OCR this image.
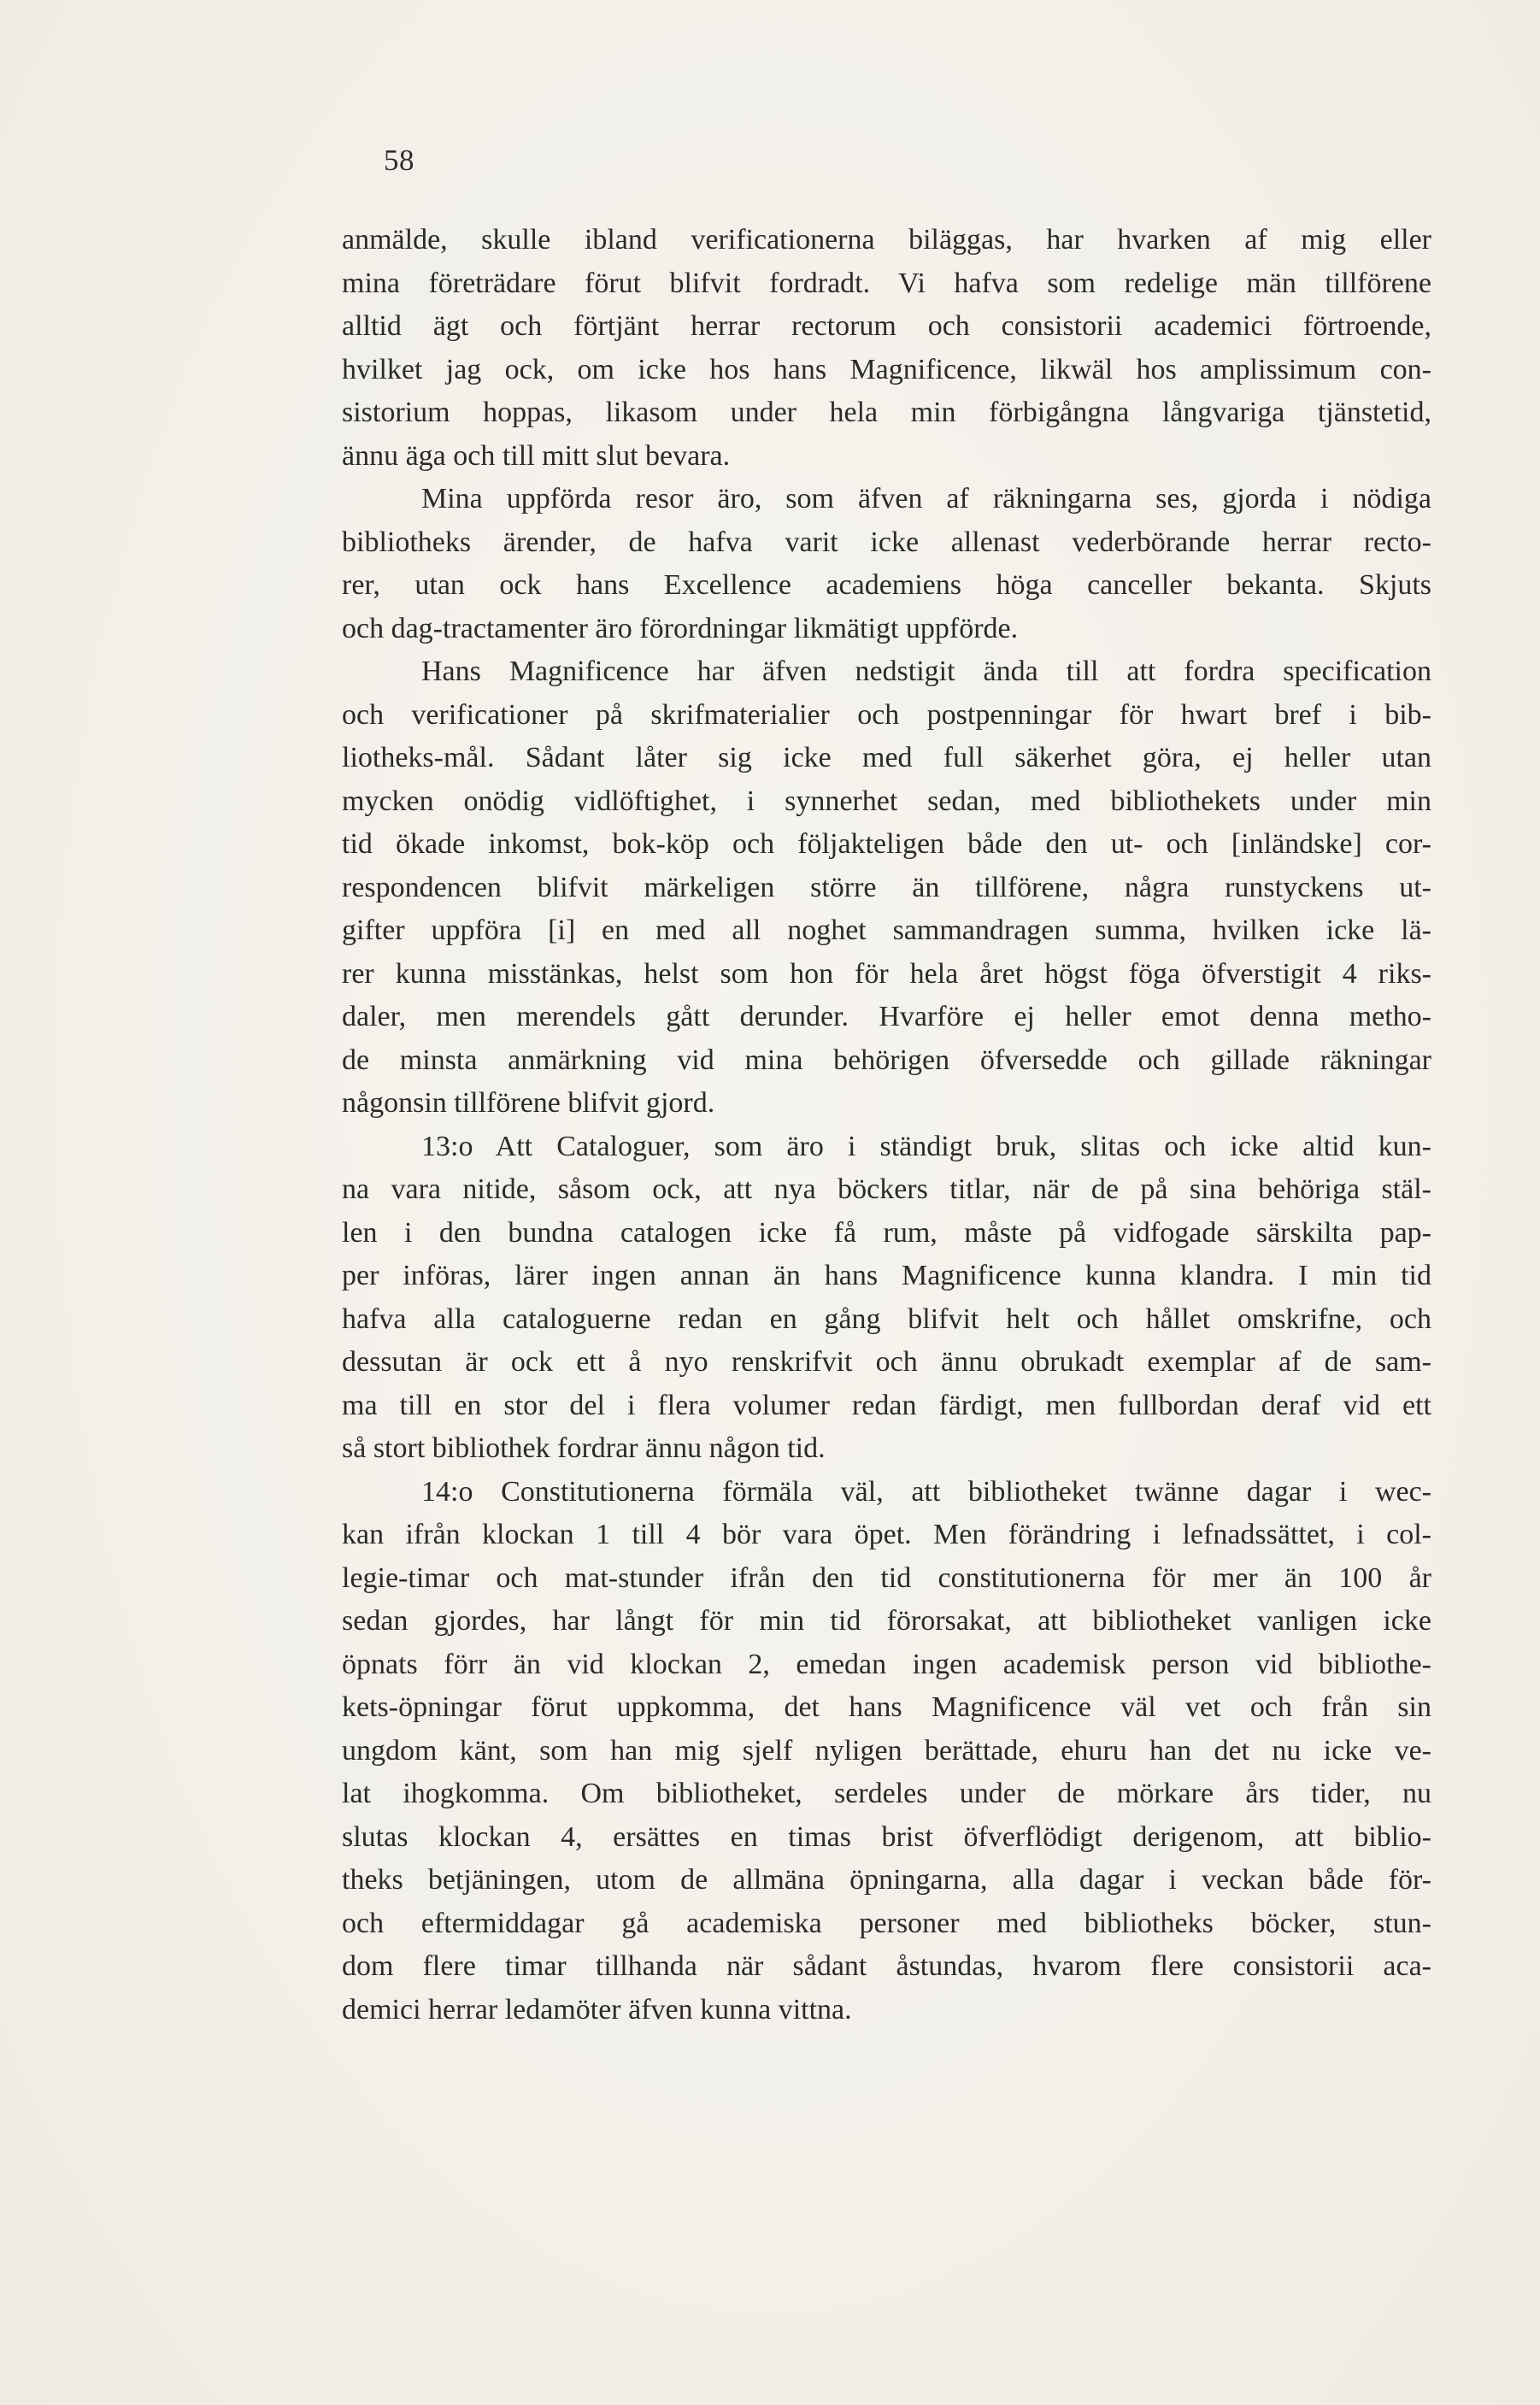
58
anmälde, skulle ibland verificationerna biläggas, har hvarken af mig eller
mina företrädare förut blifvit fordradt. Vi hafva som redelige män tillförene
alltid ägt och förtjänt herrar rectorum och consistorii academici förtroende,
hvilket jag ock, om icke hos hans Magnificence, likwäl hos amplissimum con-
sistorium hoppas, likasom under hela min förbigångna långvariga tjänstetid,
ännu äga och till mitt slut bevara.
Mina uppförda resor äro, som äfven af räkningarna ses, gjorda i nödiga
bibliotheks ärender, de hafva varit icke allenast vederbörande herrar recto-
rer, utan ock hans Excellence academiens höga canceller bekanta. Skjuts
och dag-tractamenter äro förordningar likmätigt uppförde.
Hans Magnificence har äfven nedstigit ända till att fordra specification
och verificationer på skrifmaterialier och postpenningar för hwart bref i bib-
liotheks-mål. Sådant låter sig icke med full säkerhet göra, ej heller utan
mycken onödig vidlöftighet, i synnerhet sedan, med bibliothekets under min
tid ökade inkomst, bok-köp och följakteligen både den ut- och [inländske] cor-
respondencen blifvit märkeligen större än tillförene, några runstyckens ut-
gifter uppföra [i] en med all noghet sammandragen summa, hvilken icke lä-
rer kunna misstänkas, helst som hon för hela året högst föga öfverstigit 4 riks-
daler, men merendels gått derunder. Hvarföre ej heller emot denna metho-
de minsta anmärkning vid mina behörigen öfversedde och gillade räkningar
någonsin tillförene blifvit gjord.
13:o Att Cataloguer, som äro i ständigt bruk, slitas och icke altid kun-
na vara nitide, såsom ock, att nya böckers titlar, när de på sina behöriga stäl-
len i den bundna catalogen icke få rum, måste på vidfogade särskilta pap-
per införas, lärer ingen annan än hans Magnificence kunna klandra. I min tid
hafva alla cataloguerne redan en gång blifvit helt och hållet omskrifne, och
dessutan är ock ett å nyo renskrifvit och ännu obrukadt exemplar af de sam-
ma till en stor del i flera volumer redan färdigt, men fullbordan deraf vid ett
så stort bibliothek fordrar ännu någon tid.
14:o Constitutionerna förmäla väl, att bibliotheket twänne dagar i wec-
kan ifrån klockan 1 till 4 bör vara öpet. Men förändring i lefnadssättet, i col-
legie-timar och mat-stunder ifrån den tid constitutionerna för mer än 100 år
sedan gjordes, har långt för min tid förorsakat, att bibliotheket vanligen icke
öpnats förr än vid klockan 2, emedan ingen academisk person vid bibliothe-
kets-öpningar förut uppkomma, det hans Magnificence väl vet och från sin
ungdom känt, som han mig sjelf nyligen berättade, ehuru han det nu icke ve-
lat ihogkomma. Om bibliotheket, serdeles under de mörkare års tider, nu
slutas klockan 4, ersättes en timas brist öfverflödigt derigenom, att biblio-
theks betjäningen, utom de allmäna öpningarna, alla dagar i veckan både för-
och eftermiddagar gå academiska personer med bibliotheks böcker, stun-
dom flere timar tillhanda när sådant åstundas, hvarom flere consistorii aca-
demici herrar ledamöter äfven kunna vittna.
